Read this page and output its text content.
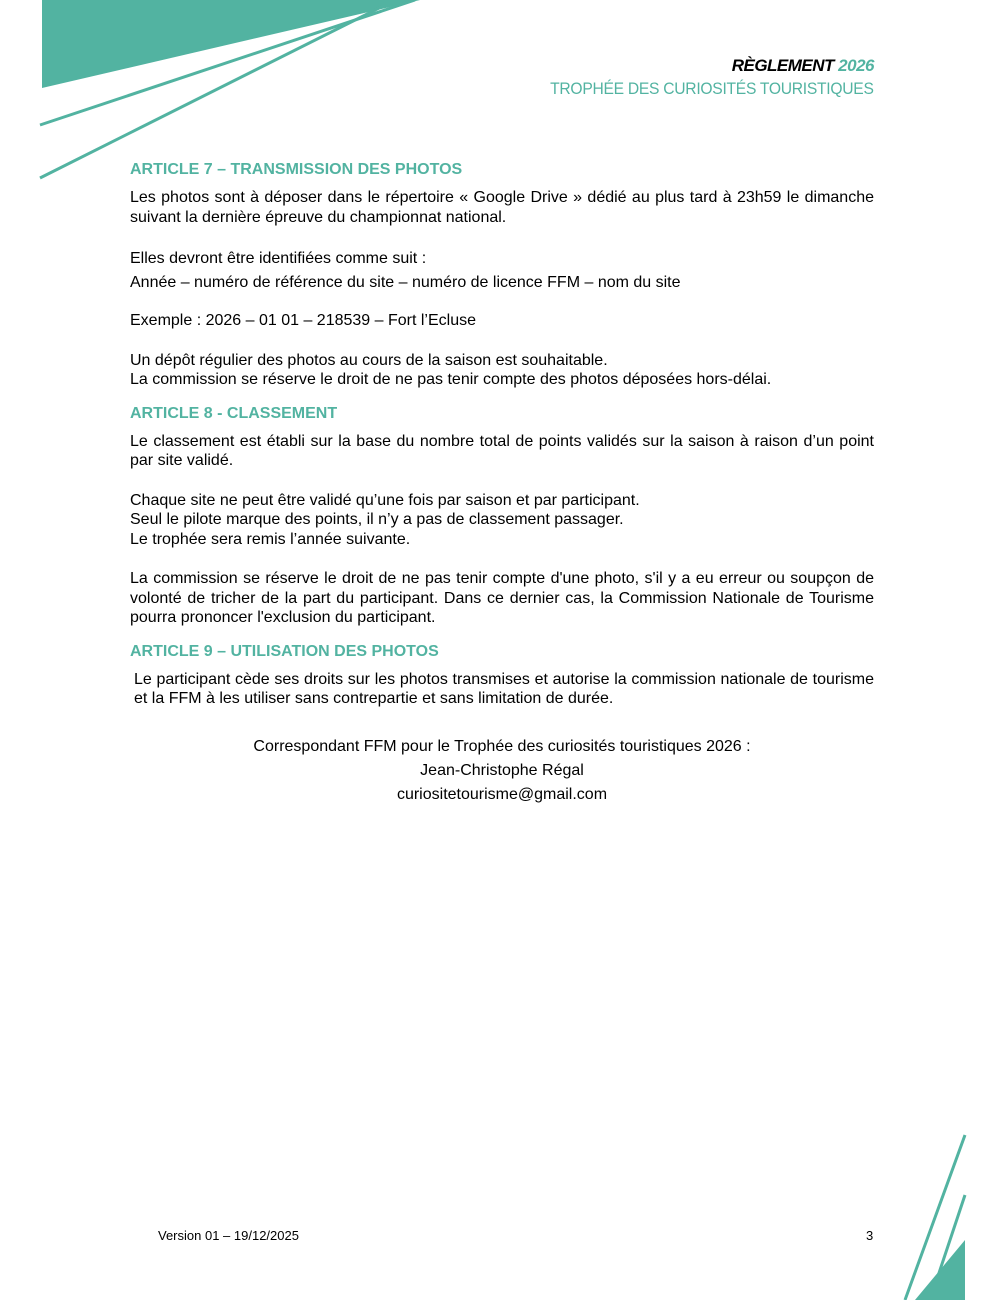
RÈGLEMENT 2026
TROPHÉE DES CURIOSITÉS TOURISTIQUES
ARTICLE 7 – TRANSMISSION DES PHOTOS

Les photos sont à déposer dans le répertoire « Google Drive » dédié au plus tard à 23h59 le dimanche suivant la dernière épreuve du championnat national.

Elles devront être identifiées comme suit :

Année – numéro de référence du site – numéro de licence FFM – nom du site

Exemple : 2026 – 01 01 – 218539 – Fort l’Ecluse

Un dépôt régulier des photos au cours de la saison est souhaitable.

La commission se réserve le droit de ne pas tenir compte des photos déposées hors-délai.

ARTICLE 8 - CLASSEMENT

Le classement est établi sur la base du nombre total de points validés sur la saison à raison d’un point par site validé.

Chaque site ne peut être validé qu’une fois par saison et par participant.

Seul le pilote marque des points, il n’y a pas de classement passager.

Le trophée sera remis l’année suivante.

La commission se réserve le droit de ne pas tenir compte d'une photo, s'il y a eu erreur ou soupçon de volonté de tricher de la part du participant. Dans ce dernier cas, la Commission Nationale de Tourisme pourra prononcer l'exclusion du participant.

ARTICLE 9 – UTILISATION DES PHOTOS

Le participant cède ses droits sur les photos transmises et autorise la commission nationale de tourisme et la FFM à les utiliser sans contrepartie et sans limitation de durée.

Correspondant FFM pour le Trophée des curiosités touristiques 2026 :
Jean-Christophe Régal
curiositetourisme@gmail.com
Version 01 – 19/12/2025	3
